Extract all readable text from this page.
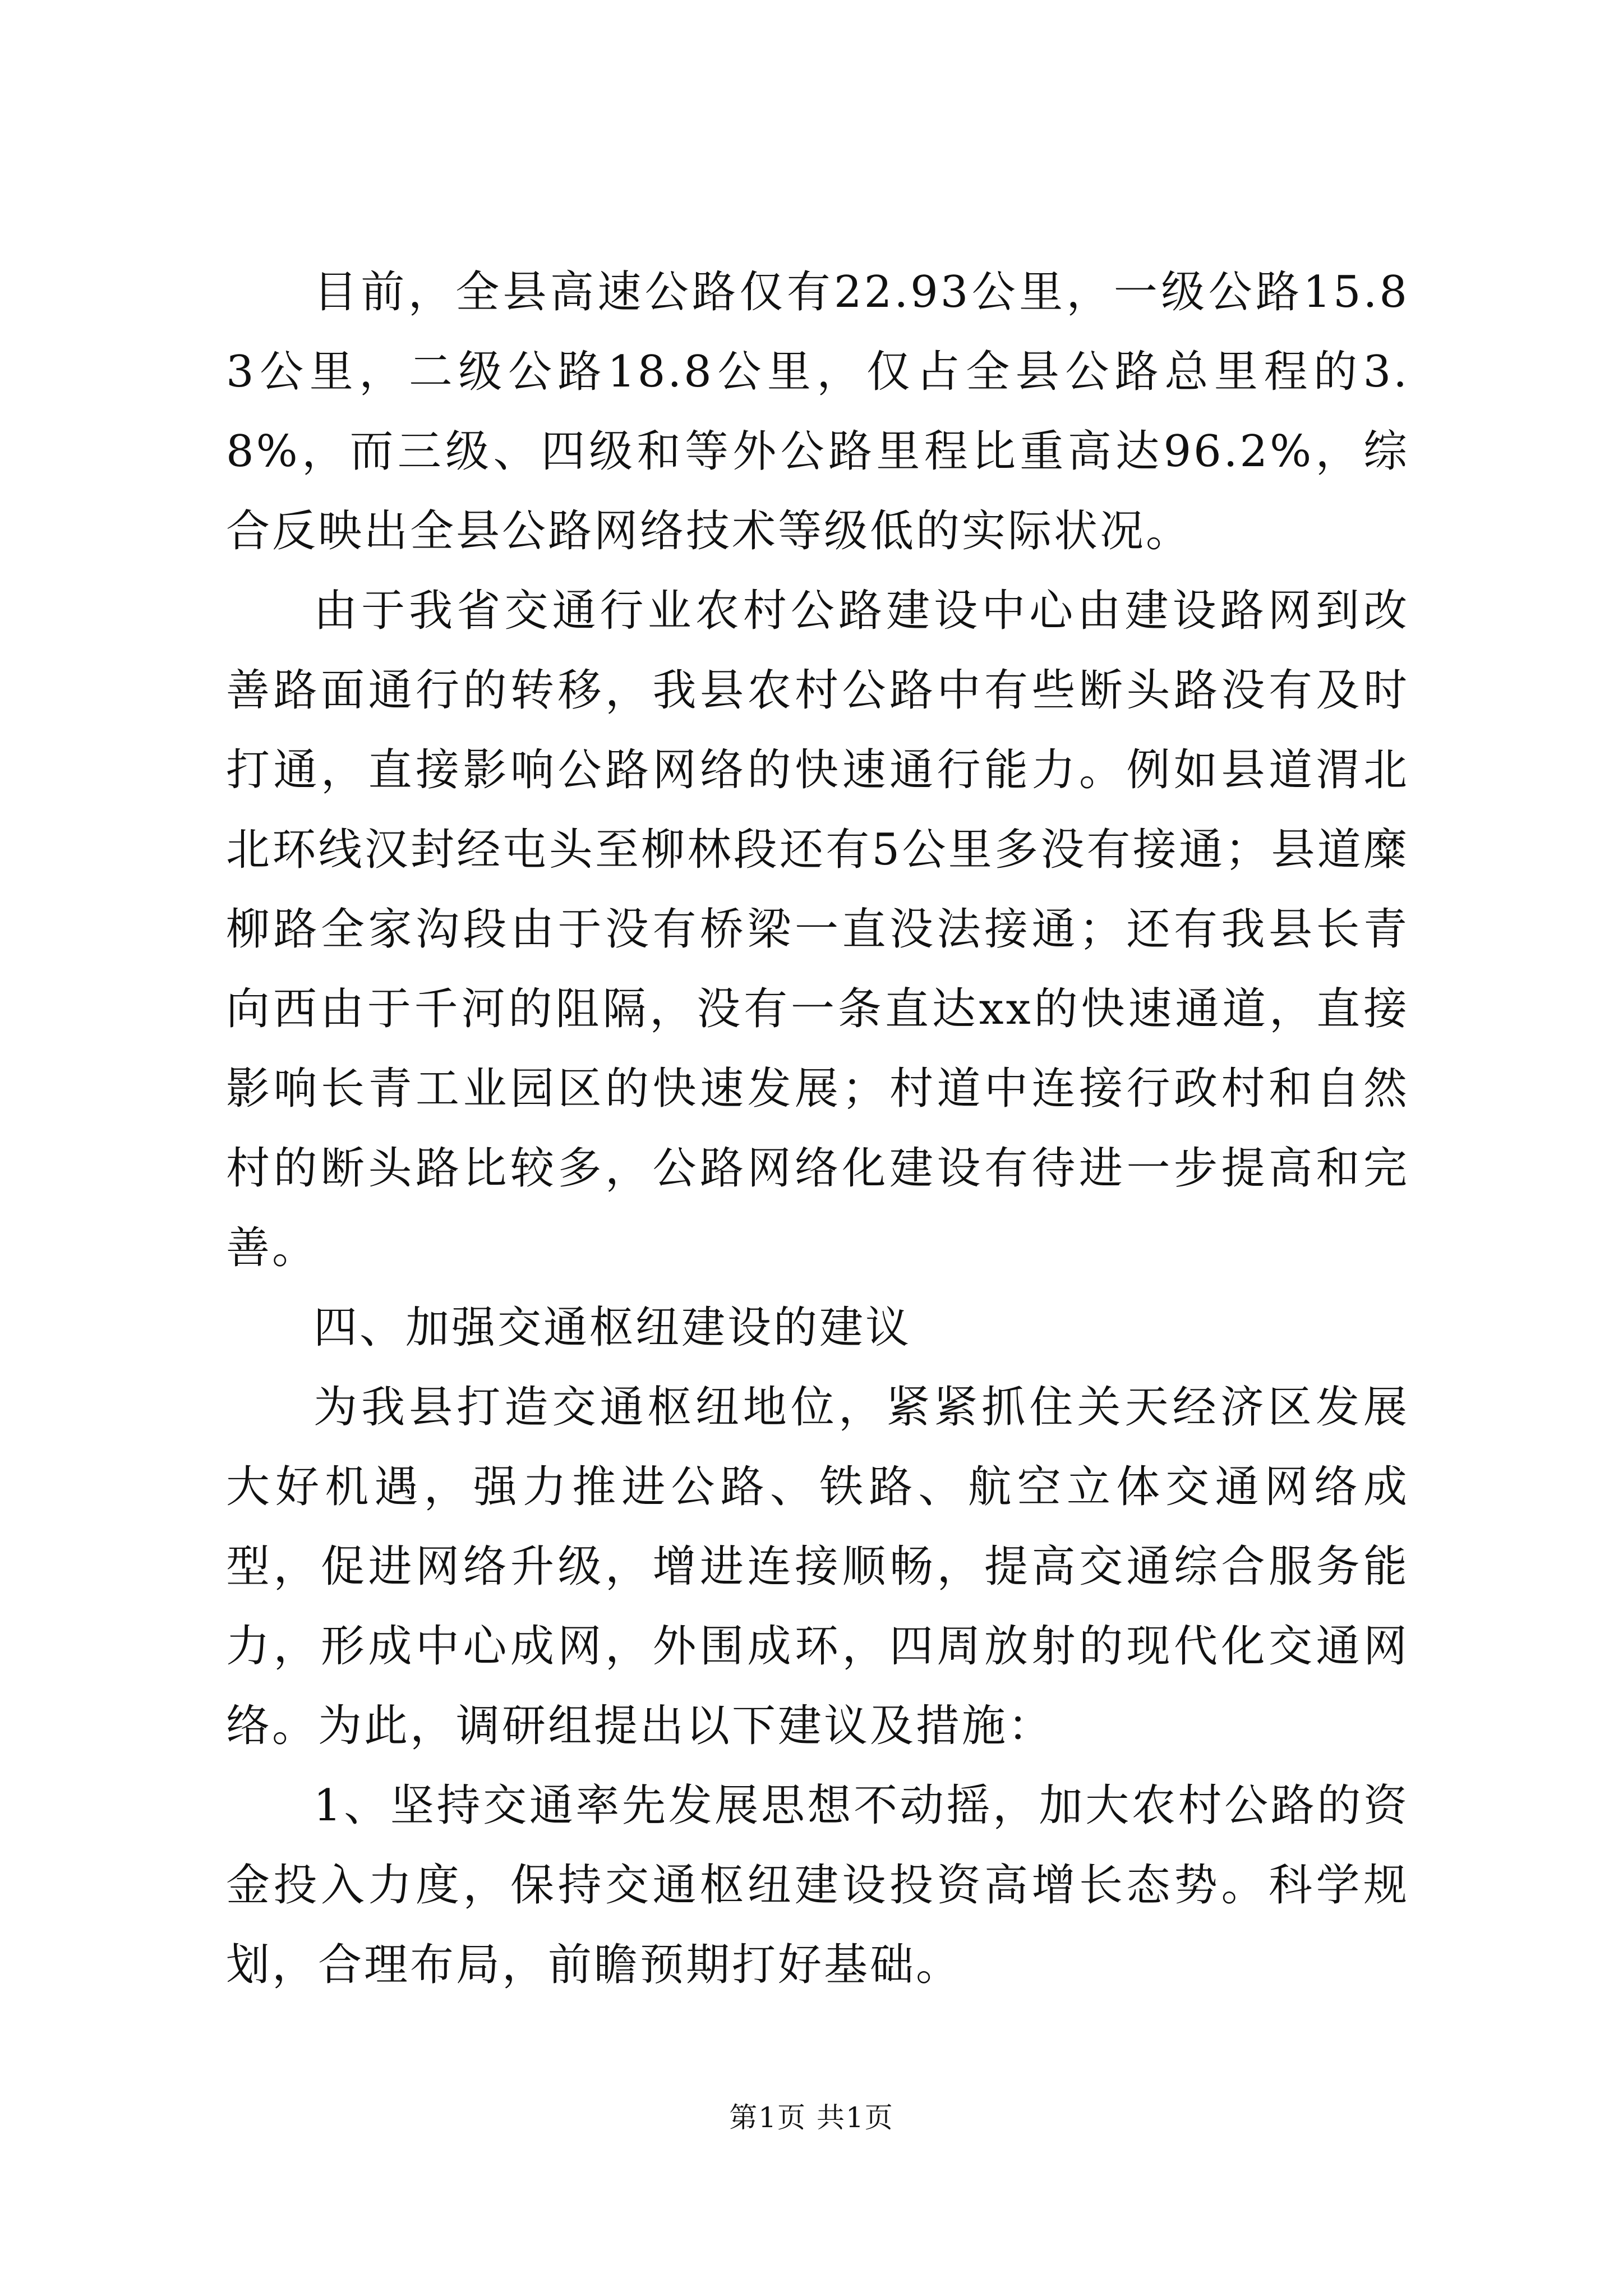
目前，全县高速公路仅有22.93公里，一级公路15.83公里，二级公路18.8公里，仅占全县公路总里程的3.8%，而三级、四级和等外公路里程比重高达96.2%，综合反映出全县公路网络技术等级低的实际状况。

由于我省交通行业农村公路建设中心由建设路网到改善路面通行的转移，我县农村公路中有些断头路没有及时打通，直接影响公路网络的快速通行能力。例如县道渭北北环线汉封经屯头至柳林段还有5公里多没有接通；县道糜柳路全家沟段由于没有桥梁一直没法接通；还有我县长青向西由于千河的阻隔，没有一条直达xx的快速通道，直接影响长青工业园区的快速发展；村道中连接行政村和自然村的断头路比较多，公路网络化建设有待进一步提高和完善。

四、加强交通枢纽建设的建议

为我县打造交通枢纽地位，紧紧抓住关天经济区发展大好机遇，强力推进公路、铁路、航空立体交通网络成型，促进网络升级，增进连接顺畅，提高交通综合服务能力，形成中心成网，外围成环，四周放射的现代化交通网络。为此，调研组提出以下建议及措施：

1、坚持交通率先发展思想不动摇，加大农村公路的资金投入力度，保持交通枢纽建设投资高增长态势。科学规划，合理布局，前瞻预期打好基础。

第1页 共1页
